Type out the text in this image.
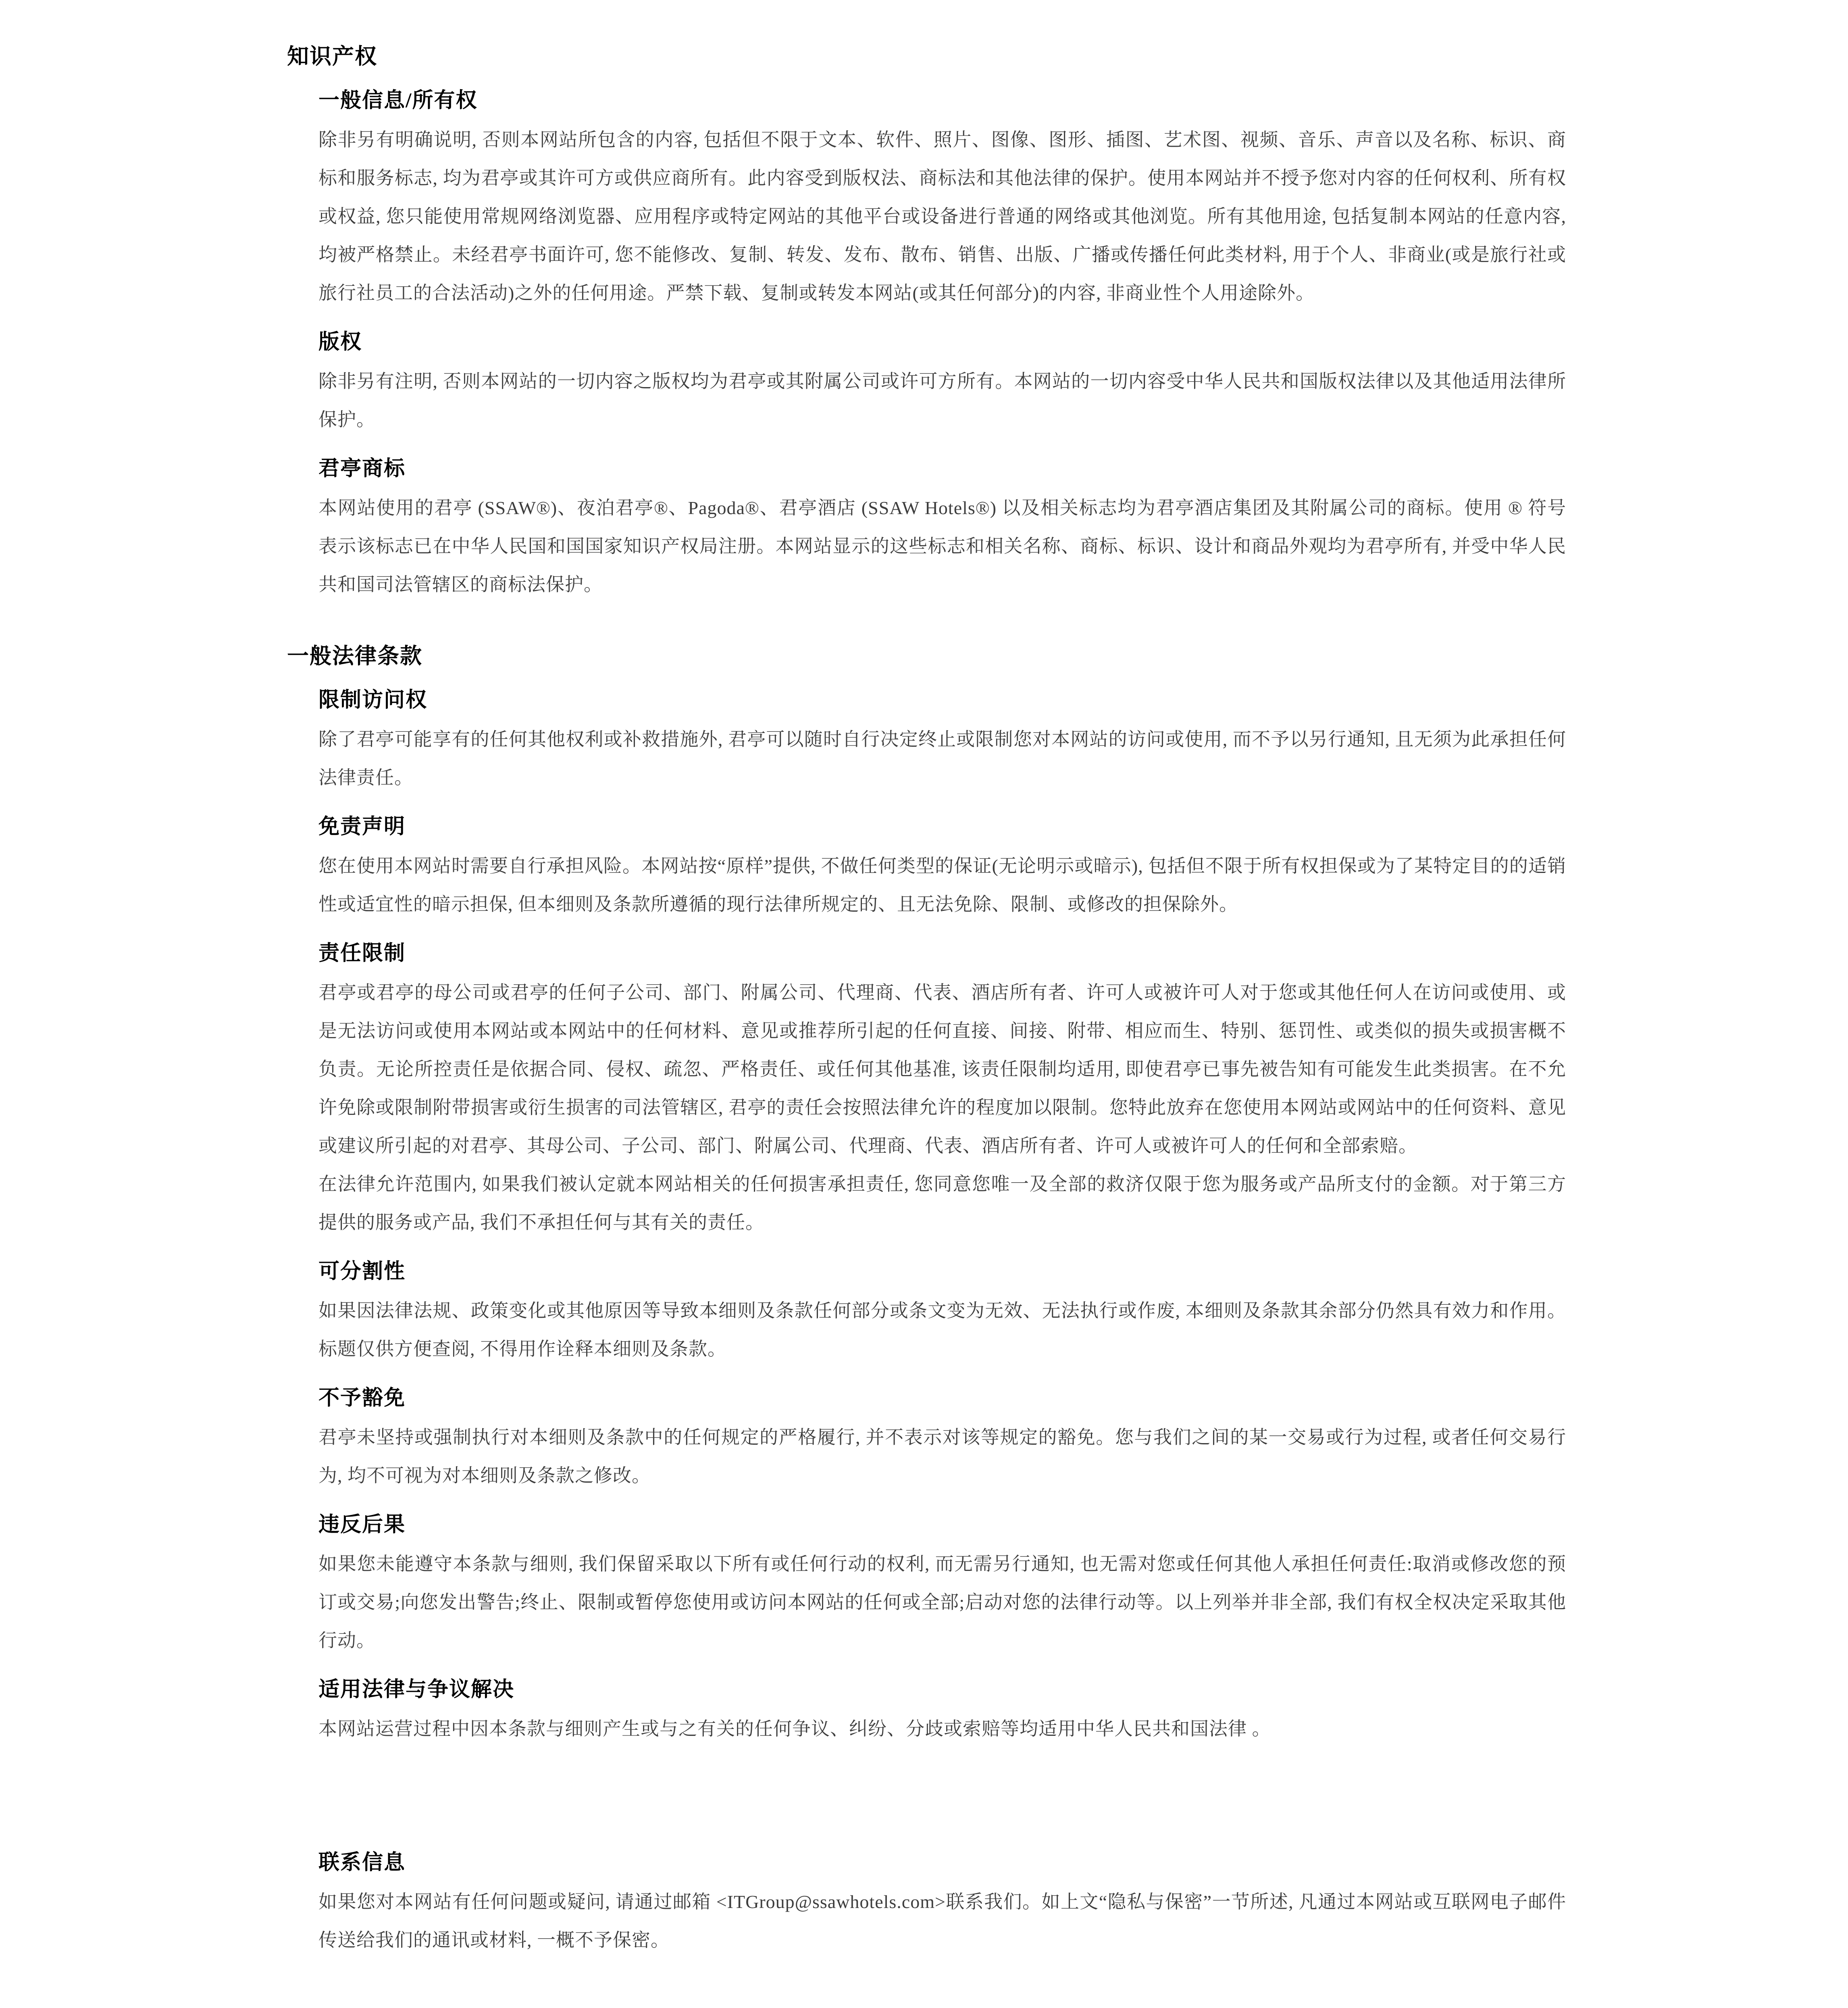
知识产权
一般信息/所有权

除非另有明确说明, 否则本网站所包含的内容, 包括但不限于文本、软件、照片、图像、图形、插图、艺术图、视频、音乐、声音以及名称、标识、商标和服务标志, 均为君亭或其许可方或供应商所有。此内容受到版权法、商标法和其他法律的保护。使用本网站并不授予您对内容的任何权利、所有权或权益, 您只能使用常规网络浏览器、应用程序或特定网站的其他平台或设备进行普通的网络或其他浏览。所有其他用途, 包括复制本网站的任意内容, 均被严格禁止。未经君亭书面许可, 您不能修改、复制、转发、发布、散布、销售、出版、广播或传播任何此类材料, 用于个人、非商业(或是旅行社或旅行社员工的合法活动)之外的任何用途。严禁下载、复制或转发本网站(或其任何部分)的内容, 非商业性个人用途除外。

版权

除非另有注明, 否则本网站的一切内容之版权均为君亭或其附属公司或许可方所有。本网站的一切内容受中华人民共和国版权法律以及其他适用法律所保护。

君亭商标

本网站使用的君亭 (SSAW®)、夜泊君亭®、Pagoda®、君亭酒店 (SSAW Hotels®) 以及相关标志均为君亭酒店集团及其附属公司的商标。使用 ® 符号表示该标志已在中华人民国和国国家知识产权局注册。本网站显示的这些标志和相关名称、商标、标识、设计和商品外观均为君亭所有, 并受中华人民共和国司法管辖区的商标法保护。

一般法律条款
限制访问权

除了君亭可能享有的任何其他权利或补救措施外, 君亭可以随时自行决定终止或限制您对本网站的访问或使用, 而不予以另行通知, 且无须为此承担任何法律责任。

免责声明

您在使用本网站时需要自行承担风险。本网站按“原样”提供, 不做任何类型的保证(无论明示或暗示), 包括但不限于所有权担保或为了某特定目的的适销性或适宜性的暗示担保, 但本细则及条款所遵循的现行法律所规定的、且无法免除、限制、或修改的担保除外。

责任限制

君亭或君亭的母公司或君亭的任何子公司、部门、附属公司、代理商、代表、酒店所有者、许可人或被许可人对于您或其他任何人在访问或使用、或是无法访问或使用本网站或本网站中的任何材料、意见或推荐所引起的任何直接、间接、附带、相应而生、特别、惩罚性、或类似的损失或损害概不负责。无论所控责任是依据合同、侵权、疏忽、严格责任、或任何其他基准, 该责任限制均适用, 即使君亭已事先被告知有可能发生此类损害。在不允许免除或限制附带损害或衍生损害的司法管辖区, 君亭的责任会按照法律允许的程度加以限制。您特此放弃在您使用本网站或网站中的任何资料、意见或建议所引起的对君亭、其母公司、子公司、部门、附属公司、代理商、代表、酒店所有者、许可人或被许可人的任何和全部索赔。

在法律允许范围内, 如果我们被认定就本网站相关的任何损害承担责任, 您同意您唯一及全部的救济仅限于您为服务或产品所支付的金额。对于第三方提供的服务或产品, 我们不承担任何与其有关的责任。

可分割性

如果因法律法规、政策变化或其他原因等导致本细则及条款任何部分或条文变为无效、无法执行或作废, 本细则及条款其余部分仍然具有效力和作用。标题仅供方便查阅, 不得用作诠释本细则及条款。

不予豁免

君亭未坚持或强制执行对本细则及条款中的任何规定的严格履行, 并不表示对该等规定的豁免。您与我们之间的某一交易或行为过程, 或者任何交易行为, 均不可视为对本细则及条款之修改。

违反后果

如果您未能遵守本条款与细则, 我们保留采取以下所有或任何行动的权利, 而无需另行通知, 也无需对您或任何其他人承担任何责任:取消或修改您的预订或交易;向您发出警告;终止、限制或暂停您使用或访问本网站的任何或全部;启动对您的法律行动等。以上列举并非全部, 我们有权全权决定采取其他行动。

适用法律与争议解决

本网站运营过程中因本条款与细则产生或与之有关的任何争议、纠纷、分歧或索赔等均适用中华人民共和国法律 。

联系信息

如果您对本网站有任何问题或疑问, 请通过邮箱 <ITGroup@ssawhotels.com>联系我们。如上文“隐私与保密”一节所述, 凡通过本网站或互联网电子邮件传送给我们的通讯或材料, 一概不予保密。
